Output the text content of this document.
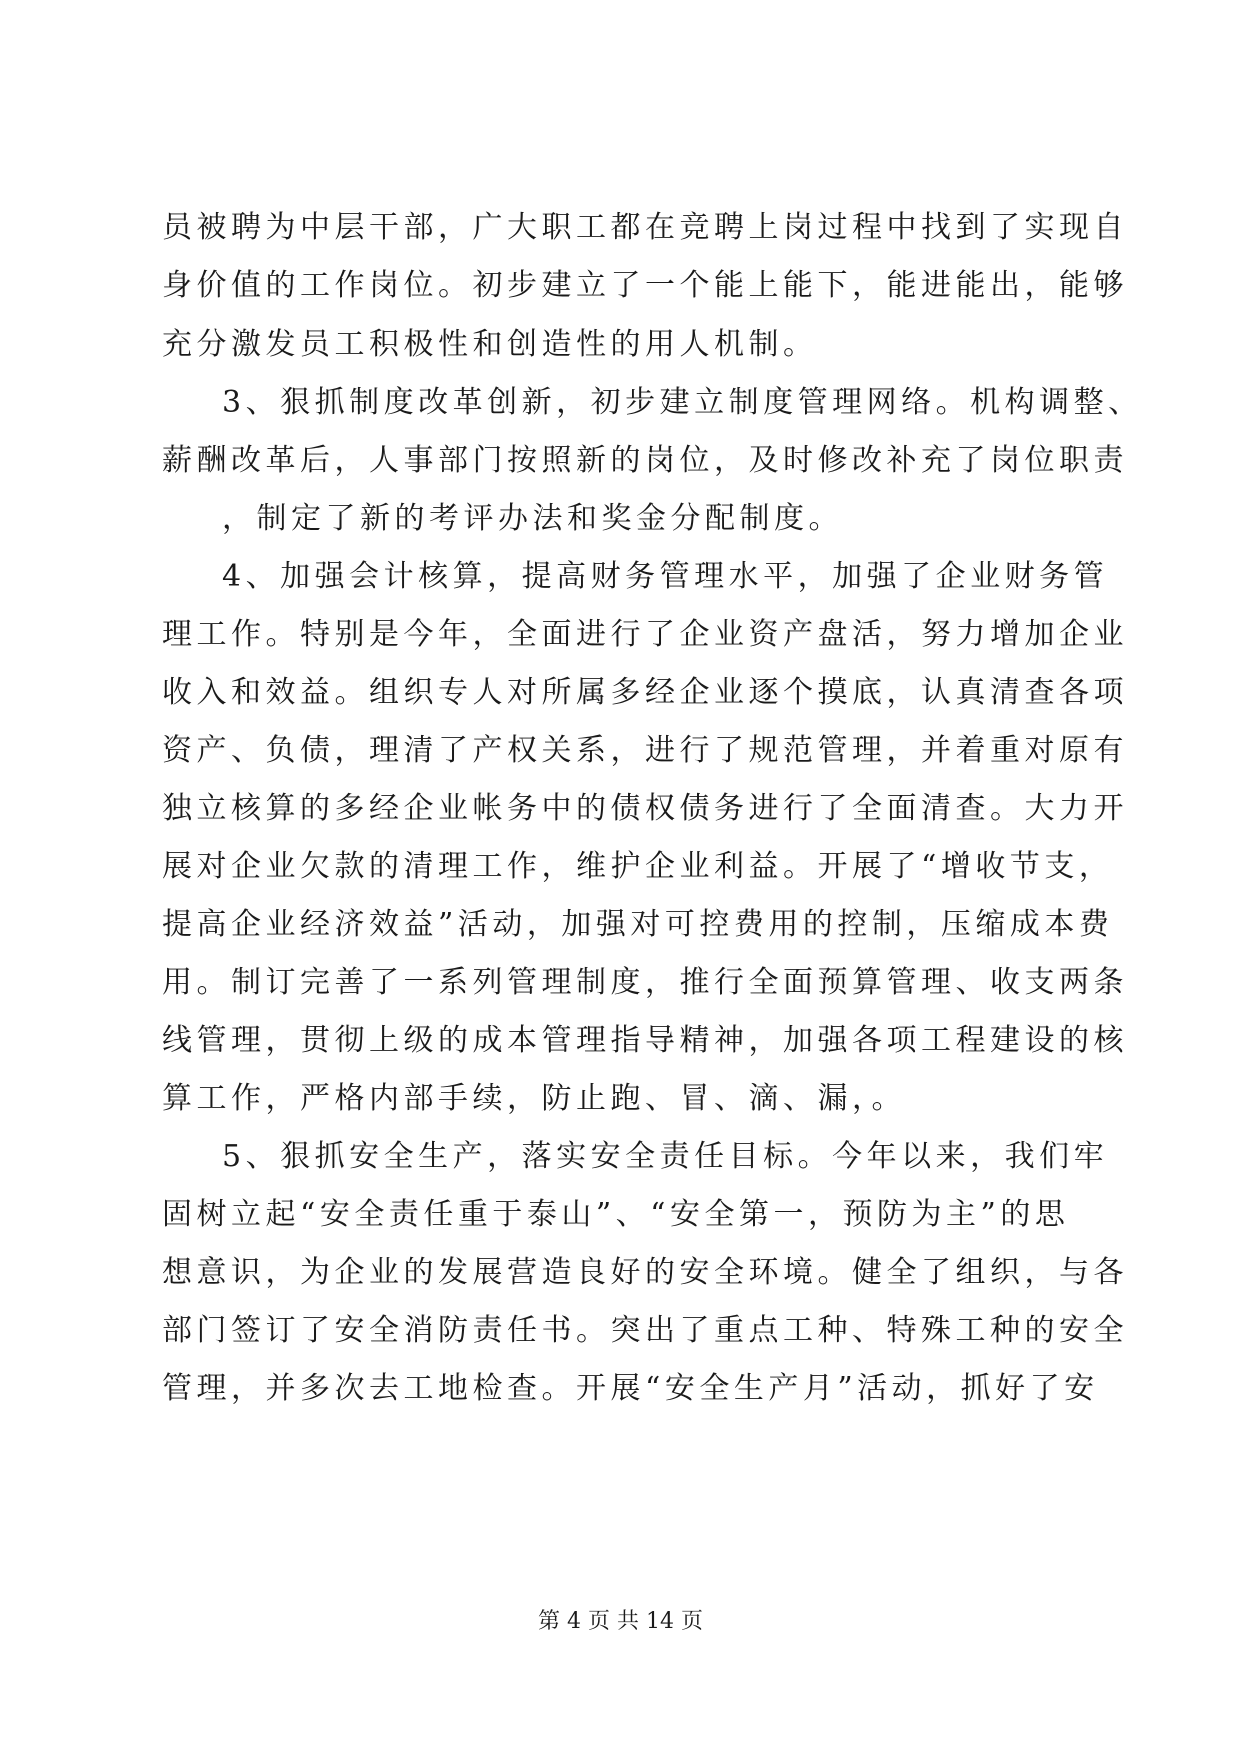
员被聘为中层干部，广大职工都在竞聘上岗过程中找到了实现自
身价值的工作岗位。初步建立了一个能上能下，能进能出，能够
充分激发员工积极性和创造性的用人机制。
3、狠抓制度改革创新，初步建立制度管理网络。机构调整、
薪酬改革后，人事部门按照新的岗位，及时修改补充了岗位职责
，制定了新的考评办法和奖金分配制度。
4、加强会计核算，提高财务管理水平，加强了企业财务管
理工作。特别是今年，全面进行了企业资产盘活，努力增加企业
收入和效益。组织专人对所属多经企业逐个摸底，认真清查各项
资产、负债，理清了产权关系，进行了规范管理，并着重对原有
独立核算的多经企业帐务中的债权债务进行了全面清查。大力开
展对企业欠款的清理工作，维护企业利益。开展了“增收节支，
提高企业经济效益”活动，加强对可控费用的控制，压缩成本费
用。制订完善了一系列管理制度，推行全面预算管理、收支两条
线管理，贯彻上级的成本管理指导精神，加强各项工程建设的核
算工作，严格内部手续，防止跑、冒、滴、漏，。
5、狠抓安全生产，落实安全责任目标。今年以来，我们牢
固树立起“安全责任重于泰山”、“安全第一，预防为主”的思
想意识，为企业的发展营造良好的安全环境。健全了组织，与各
部门签订了安全消防责任书。突出了重点工种、特殊工种的安全
管理，并多次去工地检查。开展“安全生产月”活动，抓好了安
第 4 页 共 14 页
